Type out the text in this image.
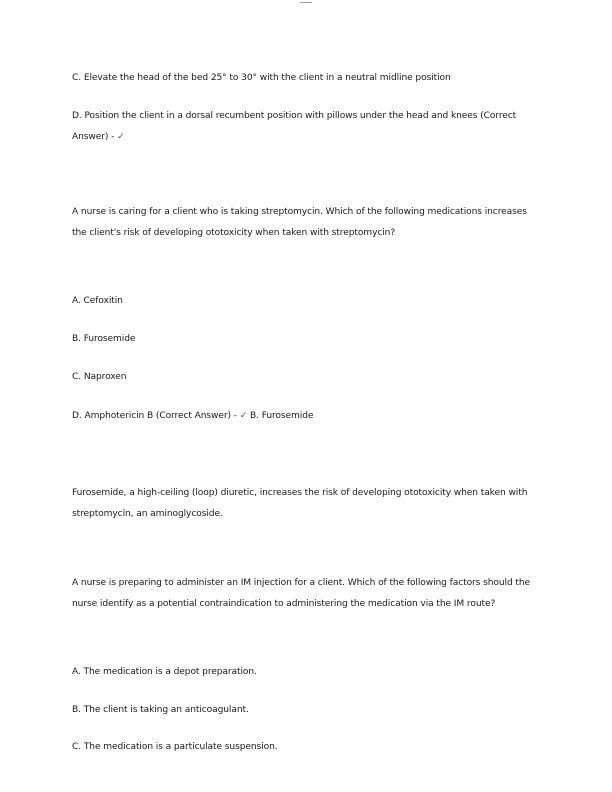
C. Elevate the head of the bed 25° to 30° with the client in a neutral midline position
D. Position the client in a dorsal recumbent position with pillows under the head and knees (Correct
Answer) - ✓
A nurse is caring for a client who is taking streptomycin. Which of the following medications increases
the client's risk of developing ototoxicity when taken with streptomycin?
A. Cefoxitin
B. Furosemide
C. Naproxen
D. Amphotericin B (Correct Answer) - ✓ B. Furosemide
Furosemide, a high-ceiling (loop) diuretic, increases the risk of developing ototoxicity when taken with
streptomycin, an aminoglycoside.
A nurse is preparing to administer an IM injection for a client. Which of the following factors should the
nurse identify as a potential contraindication to administering the medication via the IM route?
A. The medication is a depot preparation.
B. The client is taking an anticoagulant.
C. The medication is a particulate suspension.
